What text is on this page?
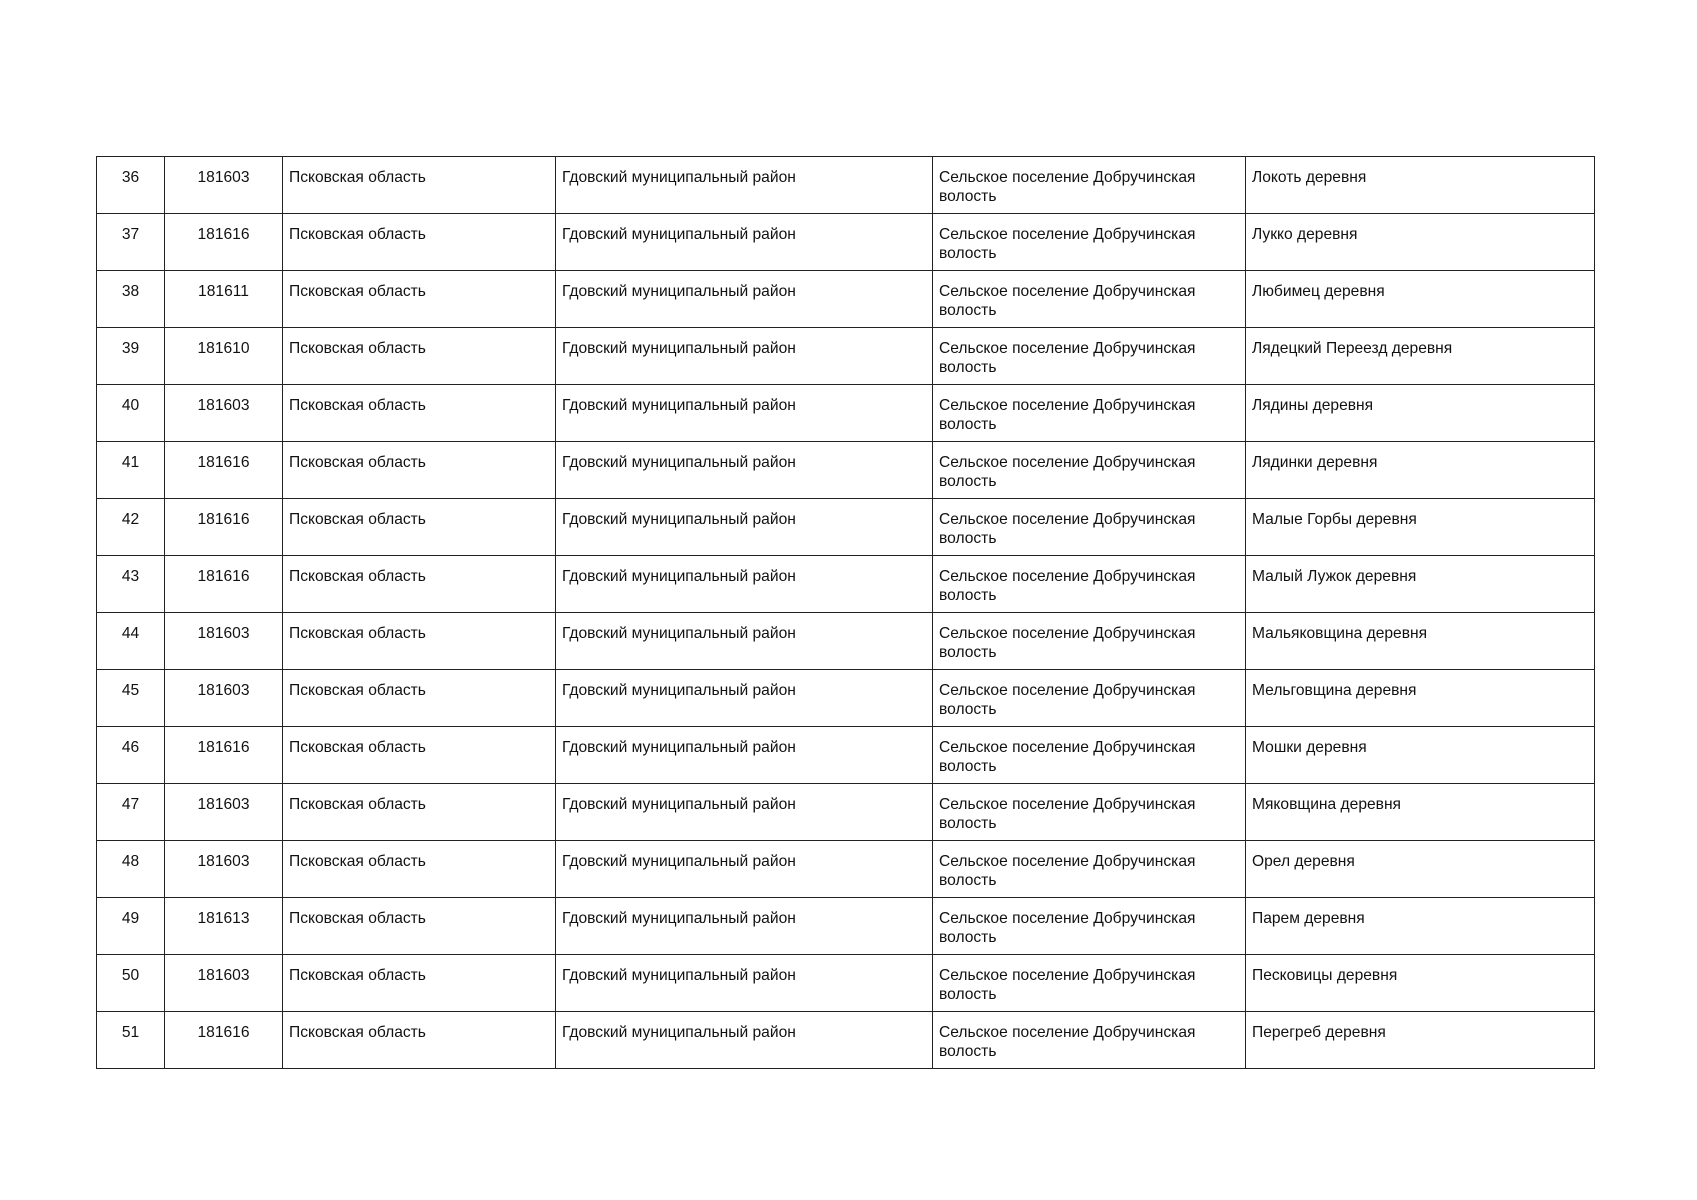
36	181603	Псковская область	Гдовский муниципальный район	Сельское поселение Добручинская волость	Локоть деревня
37	181616	Псковская область	Гдовский муниципальный район	Сельское поселение Добручинская волость	Лукко деревня
38	181611	Псковская область	Гдовский муниципальный район	Сельское поселение Добручинская волость	Любимец деревня
39	181610	Псковская область	Гдовский муниципальный район	Сельское поселение Добручинская волость	Лядецкий Переезд деревня
40	181603	Псковская область	Гдовский муниципальный район	Сельское поселение Добручинская волость	Лядины деревня
41	181616	Псковская область	Гдовский муниципальный район	Сельское поселение Добручинская волость	Лядинки деревня
42	181616	Псковская область	Гдовский муниципальный район	Сельское поселение Добручинская волость	Малые Горбы деревня
43	181616	Псковская область	Гдовский муниципальный район	Сельское поселение Добручинская волость	Малый Лужок деревня
44	181603	Псковская область	Гдовский муниципальный район	Сельское поселение Добручинская волость	Мальяковщина деревня
45	181603	Псковская область	Гдовский муниципальный район	Сельское поселение Добручинская волость	Мельговщина деревня
46	181616	Псковская область	Гдовский муниципальный район	Сельское поселение Добручинская волость	Мошки деревня
47	181603	Псковская область	Гдовский муниципальный район	Сельское поселение Добручинская волость	Мяковщина деревня
48	181603	Псковская область	Гдовский муниципальный район	Сельское поселение Добручинская волость	Орел деревня
49	181613	Псковская область	Гдовский муниципальный район	Сельское поселение Добручинская волость	Парем деревня
50	181603	Псковская область	Гдовский муниципальный район	Сельское поселение Добручинская волость	Песковицы деревня
51	181616	Псковская область	Гдовский муниципальный район	Сельское поселение Добручинская волость	Перегреб деревня
